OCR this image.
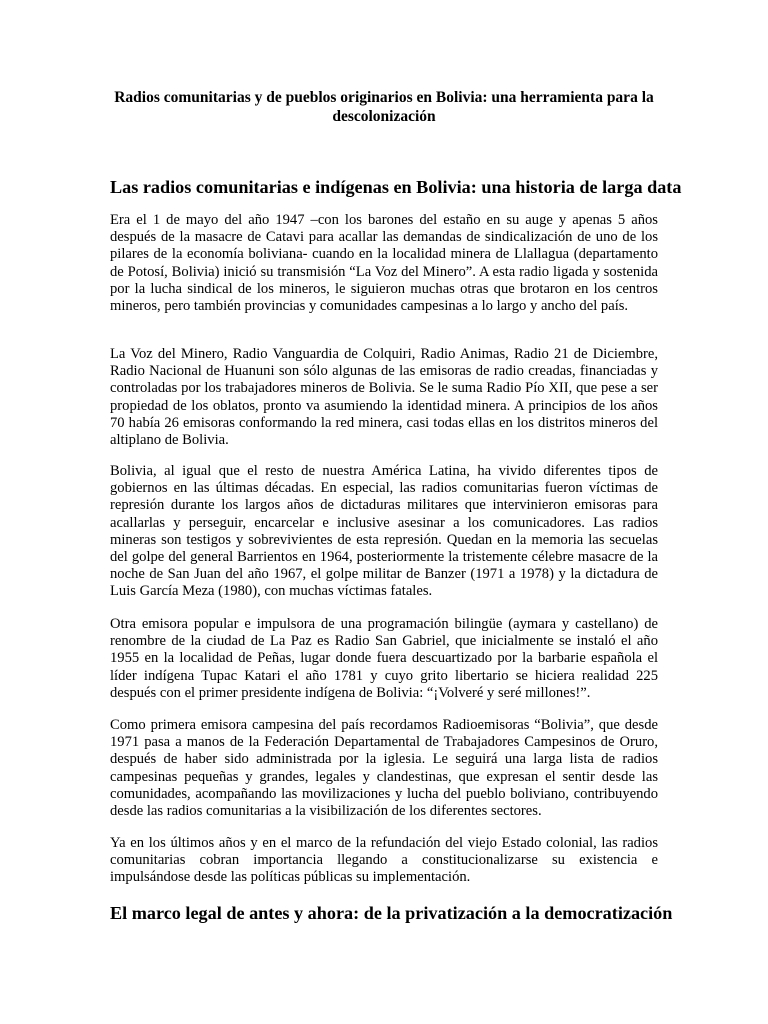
Radios comunitarias y de pueblos originarios en Bolivia: una herramienta para la descolonización

Las radios comunitarias e indígenas en Bolivia: una historia de larga data

Era el 1 de mayo del año 1947 –con los barones del estaño en su auge y apenas 5 años después de la masacre de Catavi para acallar las demandas de sindicalización de uno de los pilares de la economía boliviana- cuando en la localidad minera de Llallagua (departamento de Potosí, Bolivia) inició su transmisión “La Voz del Minero”. A esta radio ligada y sostenida por la lucha sindical de los mineros, le siguieron muchas otras que brotaron en los centros mineros, pero también provincias y comunidades campesinas a lo largo y ancho del país.

La Voz del Minero, Radio Vanguardia de Colquiri, Radio Animas, Radio 21 de Diciembre, Radio Nacional de Huanuni son sólo algunas de las emisoras de radio creadas, financiadas y controladas por los trabajadores mineros de Bolivia. Se le suma Radio Pío XII, que pese a ser propiedad de los oblatos, pronto va asumiendo la identidad minera. A principios de los años 70 había 26 emisoras conformando la red minera, casi todas ellas en los distritos mineros del altiplano de Bolivia.

Bolivia, al igual que el resto de nuestra América Latina, ha vivido diferentes tipos de gobiernos en las últimas décadas. En especial, las radios comunitarias fueron víctimas de represión durante los largos años de dictaduras militares que intervinieron emisoras para acallarlas y perseguir, encarcelar e inclusive asesinar a los comunicadores. Las radios mineras son testigos y sobrevivientes de esta represión. Quedan en la memoria las secuelas del golpe del general Barrientos en 1964, posteriormente la tristemente célebre masacre de la noche de San Juan del año 1967, el golpe militar de Banzer (1971 a 1978) y la dictadura de Luis García Meza (1980), con muchas víctimas fatales.

Otra emisora popular e impulsora de una programación bilingüe (aymara y castellano) de renombre de la ciudad de La Paz es Radio San Gabriel, que inicialmente se instaló el año 1955 en la localidad de Peñas, lugar donde fuera descuartizado por la barbarie española el líder indígena Tupac Katari el año 1781 y cuyo grito libertario se hiciera realidad 225 después con el primer presidente indígena de Bolivia: “¡Volveré y seré millones!”.

Como primera emisora campesina del país recordamos Radioemisoras “Bolivia”, que desde 1971 pasa a manos de la Federación Departamental de Trabajadores Campesinos de Oruro, después de haber sido administrada por la iglesia. Le seguirá una larga lista de radios campesinas pequeñas y grandes, legales y clandestinas, que expresan el sentir desde las comunidades, acompañando las movilizaciones y lucha del pueblo boliviano, contribuyendo desde las radios comunitarias a la visibilización de los diferentes sectores.

Ya en los últimos años y en el marco de la refundación del viejo Estado colonial, las radios comunitarias cobran importancia llegando a constitucionalizarse su existencia e impulsándose desde las políticas públicas su implementación.

El marco legal de antes y ahora: de la privatización a la democratización
